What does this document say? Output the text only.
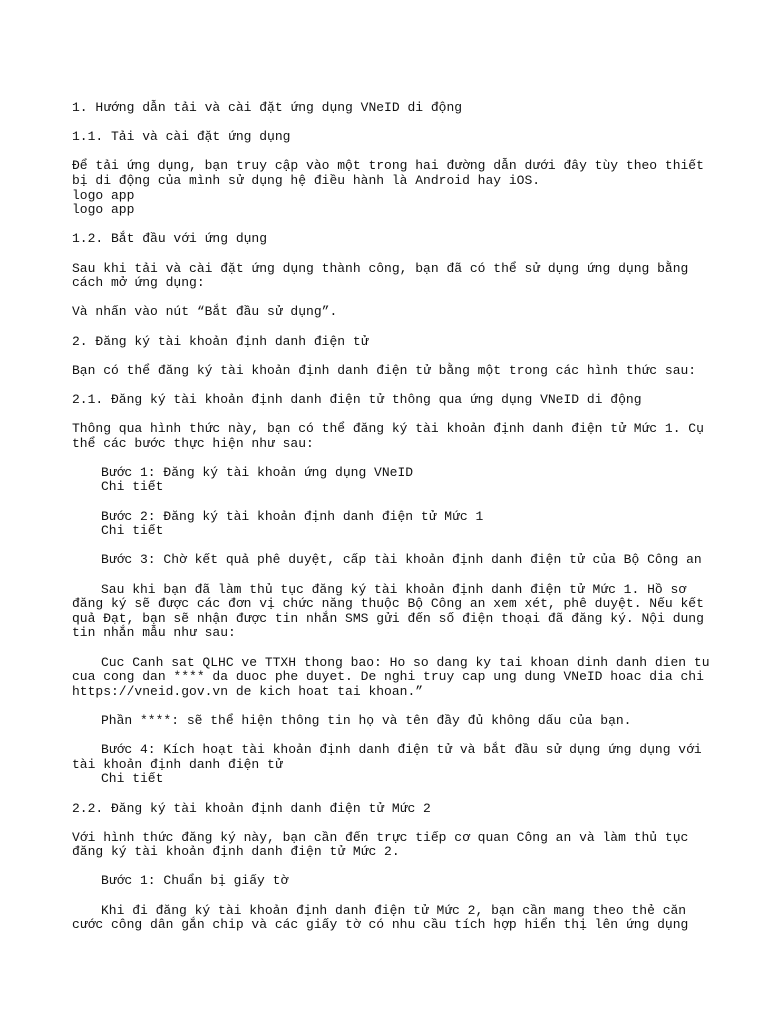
1. Hướng dẫn tải và cài đặt ứng dụng VNeID di động

1.1. Tải và cài đặt ứng dụng

Để tải ứng dụng, bạn truy cập vào một trong hai đường dẫn dưới đây tùy theo thiết

bị di động của mình sử dụng hệ điều hành là Android hay iOS.

logo app

logo app

1.2. Bắt đầu với ứng dụng

Sau khi tải và cài đặt ứng dụng thành công, bạn đã có thể sử dụng ứng dụng bằng

cách mở ứng dụng:

Và nhấn vào nút “Bắt đầu sử dụng”.

2. Đăng ký tài khoản định danh điện tử

Bạn có thể đăng ký tài khoản định danh điện tử bằng một trong các hình thức sau:

2.1. Đăng ký tài khoản định danh điện tử thông qua ứng dụng VNeID di động

Thông qua hình thức này, bạn có thể đăng ký tài khoản định danh điện tử Mức 1. Cụ

thể các bước thực hiện như sau:

Bước 1: Đăng ký tài khoản ứng dụng VNeID

Chi tiết

Bước 2: Đăng ký tài khoản định danh điện tử Mức 1

Chi tiết

Bước 3: Chờ kết quả phê duyệt, cấp tài khoản định danh điện tử của Bộ Công an

Sau khi bạn đã làm thủ tục đăng ký tài khoản định danh điện tử Mức 1. Hồ sơ

đăng ký sẽ được các đơn vị chức năng thuộc Bộ Công an xem xét, phê duyệt. Nếu kết

quả Đạt, bạn sẽ nhận được tin nhắn SMS gửi đến số điện thoại đã đăng ký. Nội dung

tin nhắn mẫu như sau:

Cuc Canh sat QLHC ve TTXH thong bao: Ho so dang ky tai khoan dinh danh dien tu

cua cong dan **** da duoc phe duyet. De nghi truy cap ung dung VNeID hoac dia chi

https://vneid.gov.vn de kich hoat tai khoan.”

Phần ****: sẽ thể hiện thông tin họ và tên đầy đủ không dấu của bạn.

Bước 4: Kích hoạt tài khoản định danh điện tử và bắt đầu sử dụng ứng dụng với

tài khoản định danh điện tử

Chi tiết

2.2. Đăng ký tài khoản định danh điện tử Mức 2

Với hình thức đăng ký này, bạn cần đến trực tiếp cơ quan Công an và làm thủ tục

đăng ký tài khoản định danh điện tử Mức 2.

Bước 1: Chuẩn bị giấy tờ

Khi đi đăng ký tài khoản định danh điện tử Mức 2, bạn cần mang theo thẻ căn

cước công dân gắn chip và các giấy tờ có nhu cầu tích hợp hiển thị lên ứng dụng
